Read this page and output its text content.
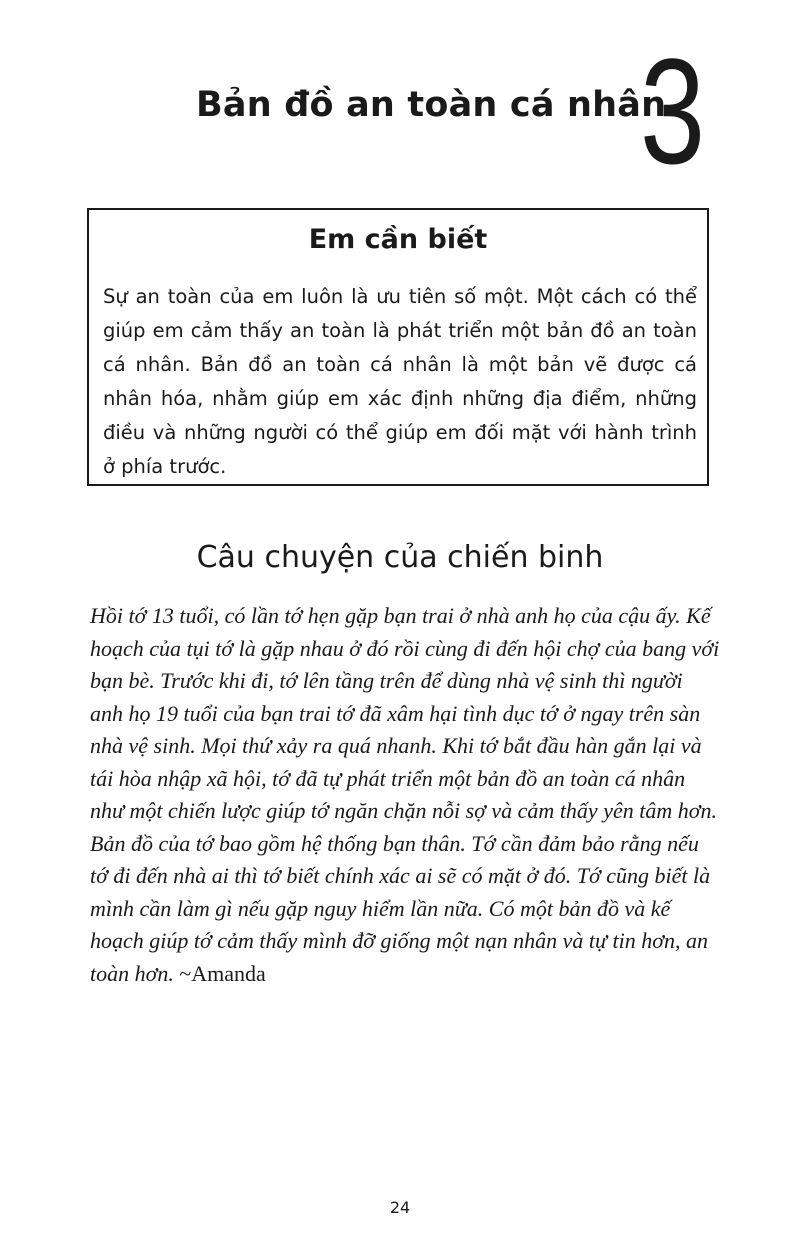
Bản đồ an toàn cá nhân
3
Em cần biết
Sự an toàn của em luôn là ưu tiên số một. Một cách có thể giúp em cảm thấy an toàn là phát triển một bản đồ an toàn cá nhân. Bản đồ an toàn cá nhân là một bản vẽ được cá nhân hóa, nhằm giúp em xác định những địa điểm, những điều và những người có thể giúp em đối mặt với hành trình ở phía trước.
Câu chuyện của chiến binh
Hồi tớ 13 tuổi, có lần tớ hẹn gặp bạn trai ở nhà anh họ của cậu ấy. Kế hoạch của tụi tớ là gặp nhau ở đó rồi cùng đi đến hội chợ của bang với bạn bè. Trước khi đi, tớ lên tầng trên để dùng nhà vệ sinh thì người anh họ 19 tuổi của bạn trai tớ đã xâm hại tình dục tớ ở ngay trên sàn nhà vệ sinh. Mọi thứ xảy ra quá nhanh. Khi tớ bắt đầu hàn gắn lại và tái hòa nhập xã hội, tớ đã tự phát triển một bản đồ an toàn cá nhân như một chiến lược giúp tớ ngăn chặn nỗi sợ và cảm thấy yên tâm hơn. Bản đồ của tớ bao gồm hệ thống bạn thân. Tớ cần đảm bảo rằng nếu tớ đi đến nhà ai thì tớ biết chính xác ai sẽ có mặt ở đó. Tớ cũng biết là mình cần làm gì nếu gặp nguy hiểm lần nữa. Có một bản đồ và kế hoạch giúp tớ cảm thấy mình đỡ giống một nạn nhân và tự tin hơn, an toàn hơn. ~Amanda
24
